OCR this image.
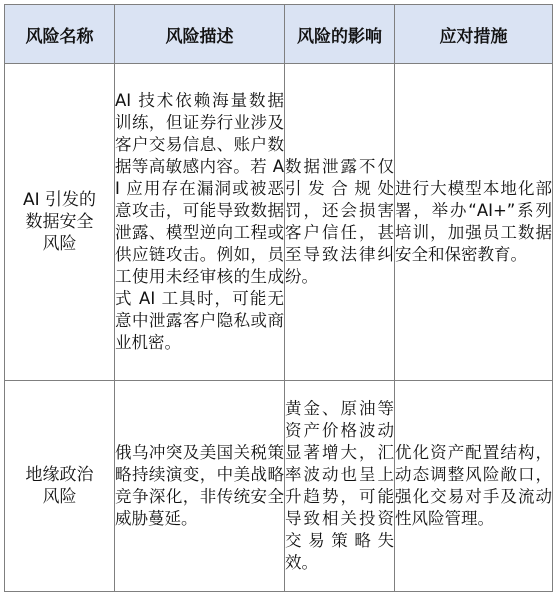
风险名称	风险描述	风险的影响	应对措施

AI 引发的
数据安全
风险	AI 技术依赖海量数据训练，但证券行业涉及客户交易信息、账户数据等高敏感内容。若 AI 应用存在漏洞或被恶意攻击，可能导致数据泄露、模型逆向工程或供应链攻击。例如，员工使用未经审核的生成式 AI 工具时，可能无意中泄露客户隐私或商业机密。	数据泄露不仅引发合规处罚，还会损害客户信任，甚至导致法律纠纷。	进行大模型本地化部署，举办“AI+”系列培训，加强员工数据安全和保密教育。

地缘政治
风险	俄乌冲突及美国关税策略持续演变，中美战略竞争深化，非传统安全威胁蔓延。	黄金、原油等资产价格波动显著增大，汇率波动也呈上升趋势，可能导致相关投资交易策略失效。	优化资产配置结构，动态调整风险敞口，强化交易对手及流动性风险管理。
